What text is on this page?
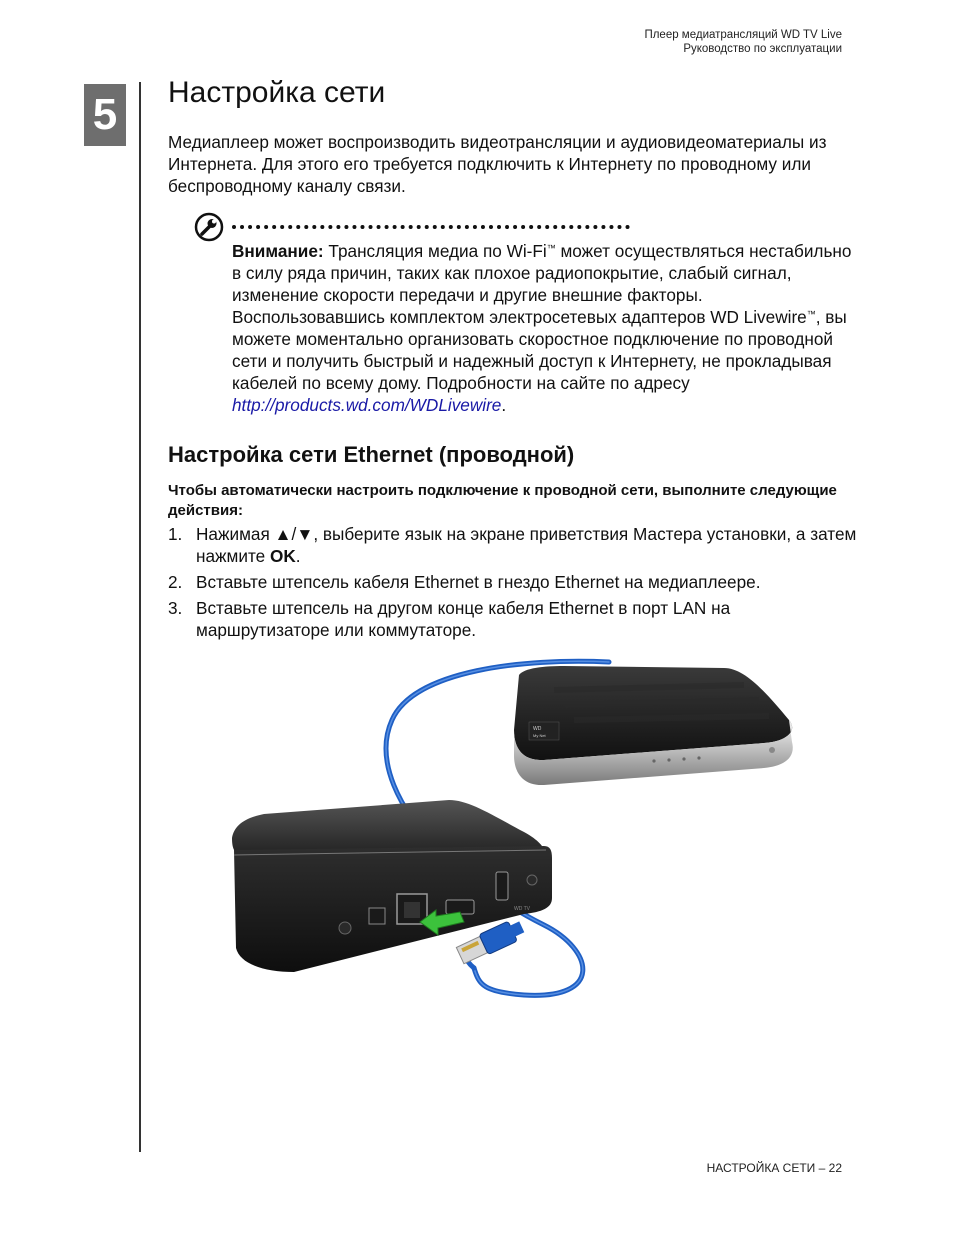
Плеер медиатрансляций WD TV Live
Руководство по эксплуатации
5 Настройка сети

Медиаплеер может воспроизводить видеотрансляции и аудиовидеоматериалы из Интернета. Для этого его требуется подключить к Интернету по проводному или беспроводному каналу связи.

Внимание: Трансляция медиа по Wi-Fi™ может осуществляться нестабильно в силу ряда причин, таких как плохое радиопокрытие, слабый сигнал, изменение скорости передачи и другие внешние факторы. Воспользовавшись комплектом электросетевых адаптеров WD Livewire™, вы можете моментально организовать скоростное подключение по проводной сети и получить быстрый и надежный доступ к Интернету, не прокладывая кабелей по всему дому. Подробности на сайте по адресу http://products.wd.com/WDLivewire.

Настройка сети Ethernet (проводной)

Чтобы автоматически настроить подключение к проводной сети, выполните следующие действия:

1. Нажимая ▲/▼, выберите язык на экране приветствия Мастера установки, а затем нажмите OK.
2. Вставьте штепсель кабеля Ethernet в гнездо Ethernet на медиаплеере.
3. Вставьте штепсель на другом конце кабеля Ethernet в порт LAN на маршрутизаторе или коммутаторе.
WD
My Net
WD TV
НАСТРОЙКА СЕТИ – 22
